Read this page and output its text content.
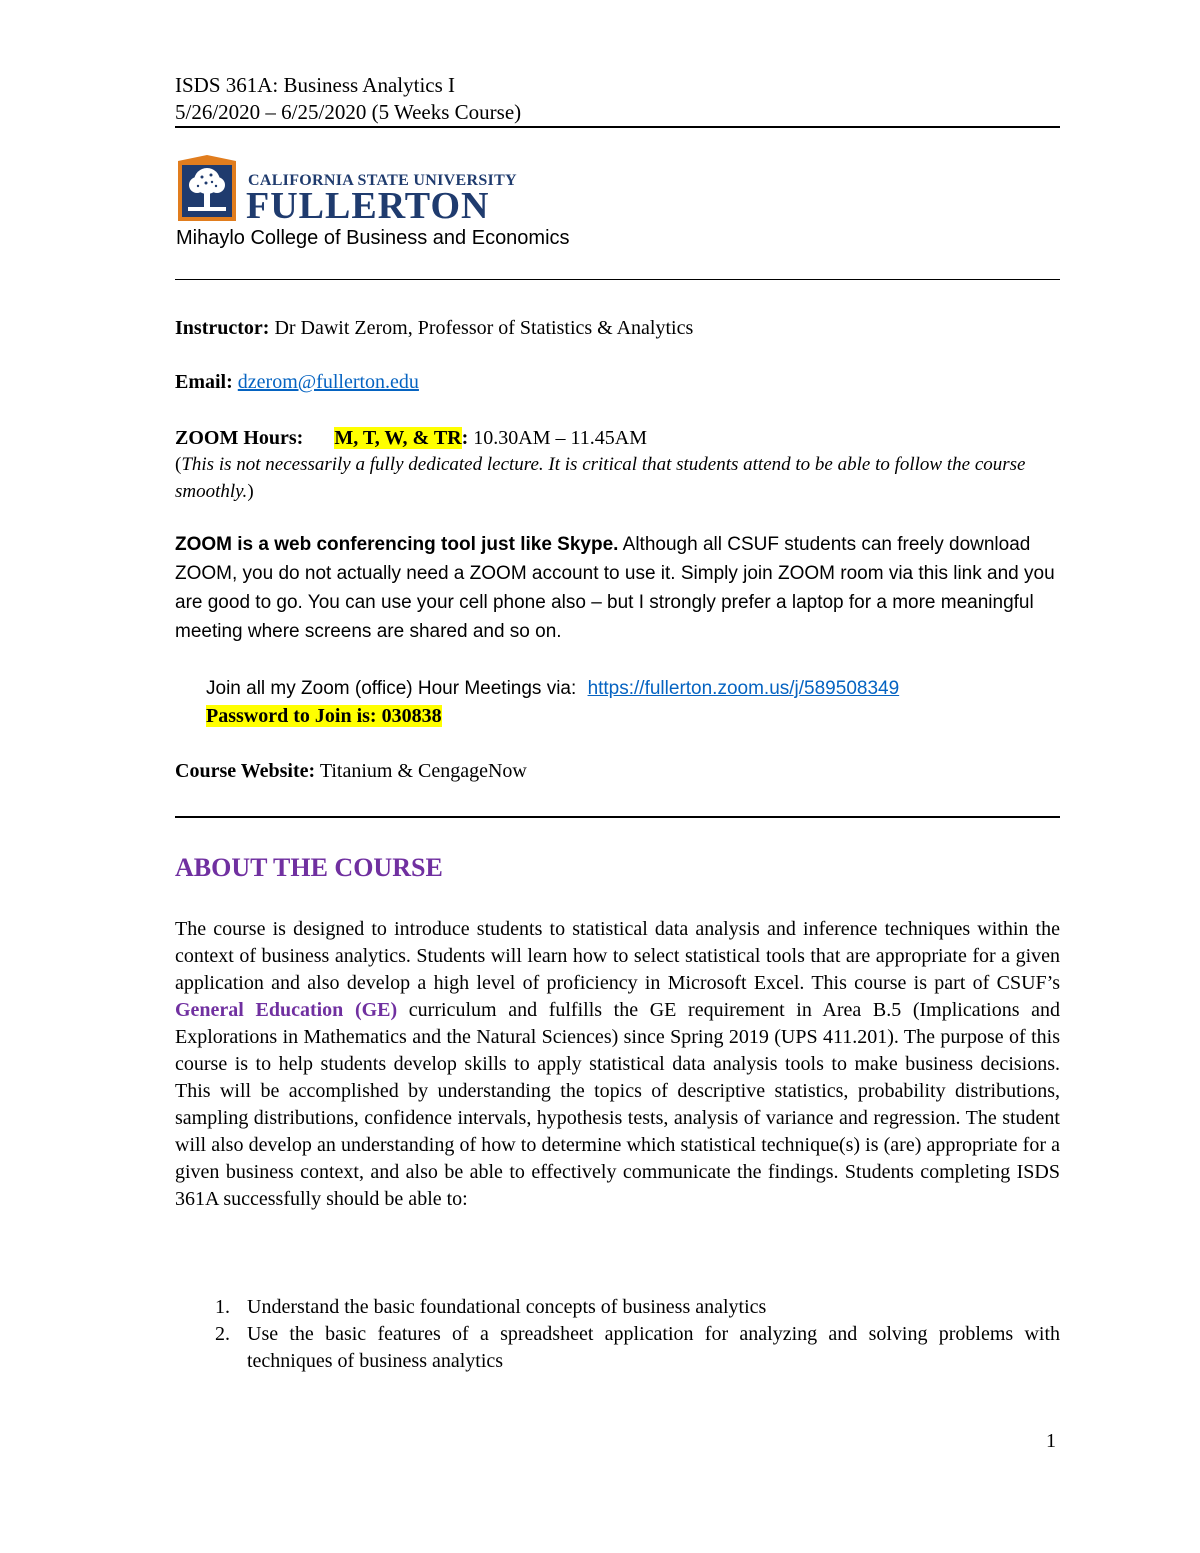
ISDS 361A: Business Analytics I
5/26/2020 – 6/25/2020 (5 Weeks Course)
CALIFORNIA STATE UNIVERSITY
FULLERTON
Mihaylo College of Business and Economics
Instructor: Dr Dawit Zerom, Professor of Statistics & Analytics
Email: dzerom@fullerton.edu
ZOOM Hours: M, T, W, & TR: 10.30AM – 11.45AM
(This is not necessarily a fully dedicated lecture. It is critical that students attend to be able to follow the course smoothly.)
ZOOM is a web conferencing tool just like Skype. Although all CSUF students can freely download ZOOM, you do not actually need a ZOOM account to use it. Simply join ZOOM room via this link and you are good to go. You can use your cell phone also – but I strongly prefer a laptop for a more meaningful meeting where screens are shared and so on.
Join all my Zoom (office) Hour Meetings via: https://fullerton.zoom.us/j/589508349
Password to Join is: 030838
Course Website: Titanium & CengageNow
ABOUT THE COURSE
The course is designed to introduce students to statistical data analysis and inference techniques within the context of business analytics. Students will learn how to select statistical tools that are appropriate for a given application and also develop a high level of proficiency in Microsoft Excel. This course is part of CSUF’s General Education (GE) curriculum and fulfills the GE requirement in Area B.5 (Implications and Explorations in Mathematics and the Natural Sciences) since Spring 2019 (UPS 411.201). The purpose of this course is to help students develop skills to apply statistical data analysis tools to make business decisions. This will be accomplished by understanding the topics of descriptive statistics, probability distributions, sampling distributions, confidence intervals, hypothesis tests, analysis of variance and regression. The student will also develop an understanding of how to determine which statistical technique(s) is (are) appropriate for a given business context, and also be able to effectively communicate the findings. Students completing ISDS 361A successfully should be able to:
1. Understand the basic foundational concepts of business analytics
2. Use the basic features of a spreadsheet application for analyzing and solving problems with techniques of business analytics
1
